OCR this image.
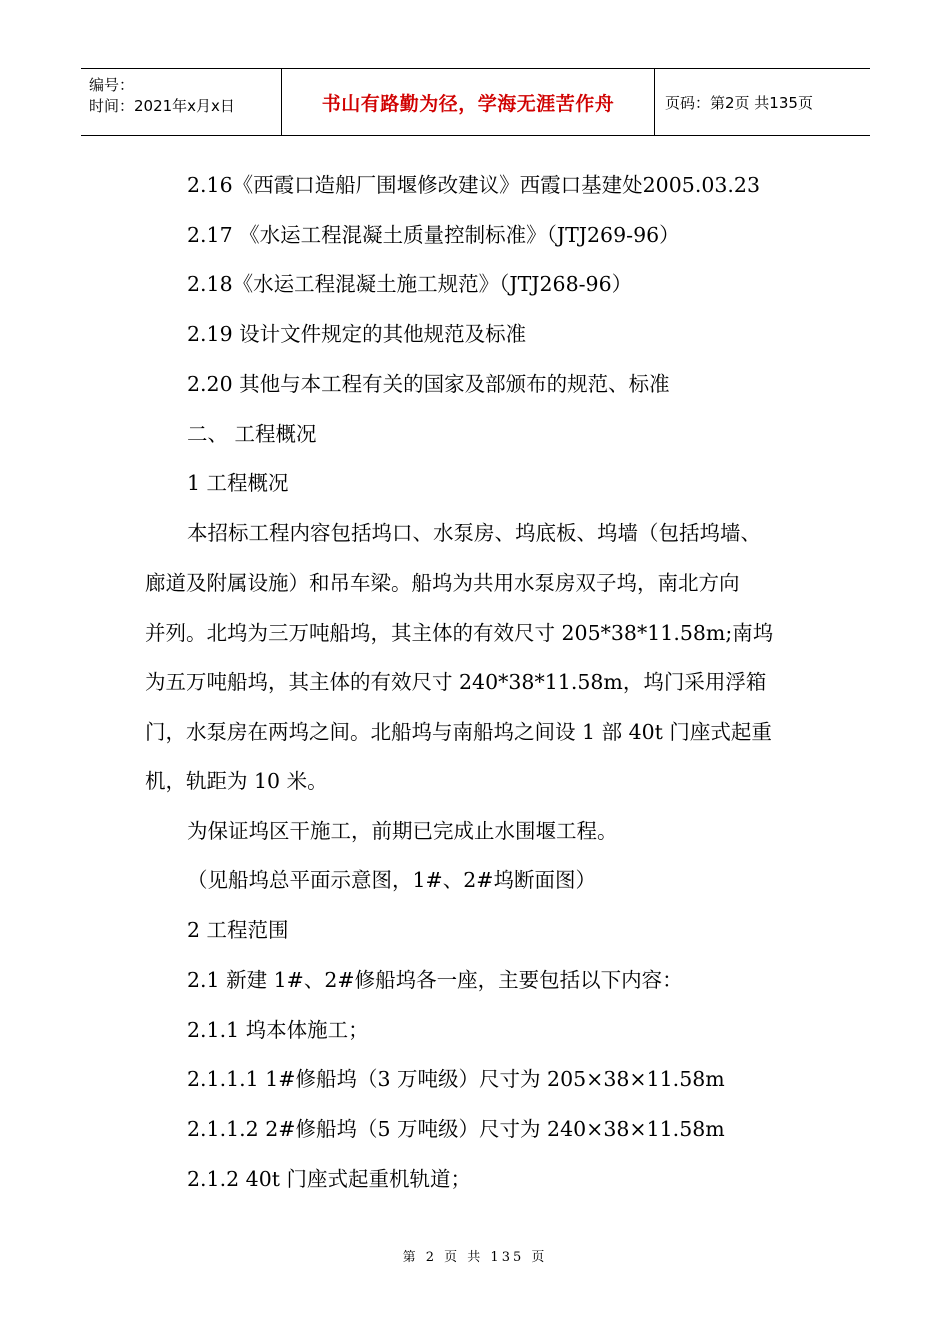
编号：
时间：2021年x月x日	书山有路勤为径，学海无涯苦作舟	页码：第2页 共135页
2.16《西霞口造船厂围堰修改建议》西霞口基建处2005.03.23
2.17 《水运工程混凝土质量控制标准》（JTJ269-96）
2.18《水运工程混凝土施工规范》（JTJ268-96）
2.19 设计文件规定的其他规范及标准
2.20 其他与本工程有关的国家及部颁布的规范、标准
二、 工程概况
1 工程概况
本招标工程内容包括坞口、水泵房、坞底板、坞墙（包括坞墙、
廊道及附属设施）和吊车梁。船坞为共用水泵房双子坞，南北方向
并列。北坞为三万吨船坞，其主体的有效尺寸 205*38*11.58m;南坞
为五万吨船坞，其主体的有效尺寸 240*38*11.58m，坞门采用浮箱
门，水泵房在两坞之间。北船坞与南船坞之间设 1 部 40t 门座式起重
机，轨距为 10 米。
为保证坞区干施工，前期已完成止水围堰工程。
（见船坞总平面示意图，1#、2#坞断面图）
2 工程范围
2.1 新建 1#、2#修船坞各一座，主要包括以下内容：
2.1.1 坞本体施工；
2.1.1.1 1#修船坞（3 万吨级）尺寸为 205×38×11.58m
2.1.1.2 2#修船坞（5 万吨级）尺寸为 240×38×11.58m
2.1.2 40t 门座式起重机轨道；
第 2 页 共 135 页
